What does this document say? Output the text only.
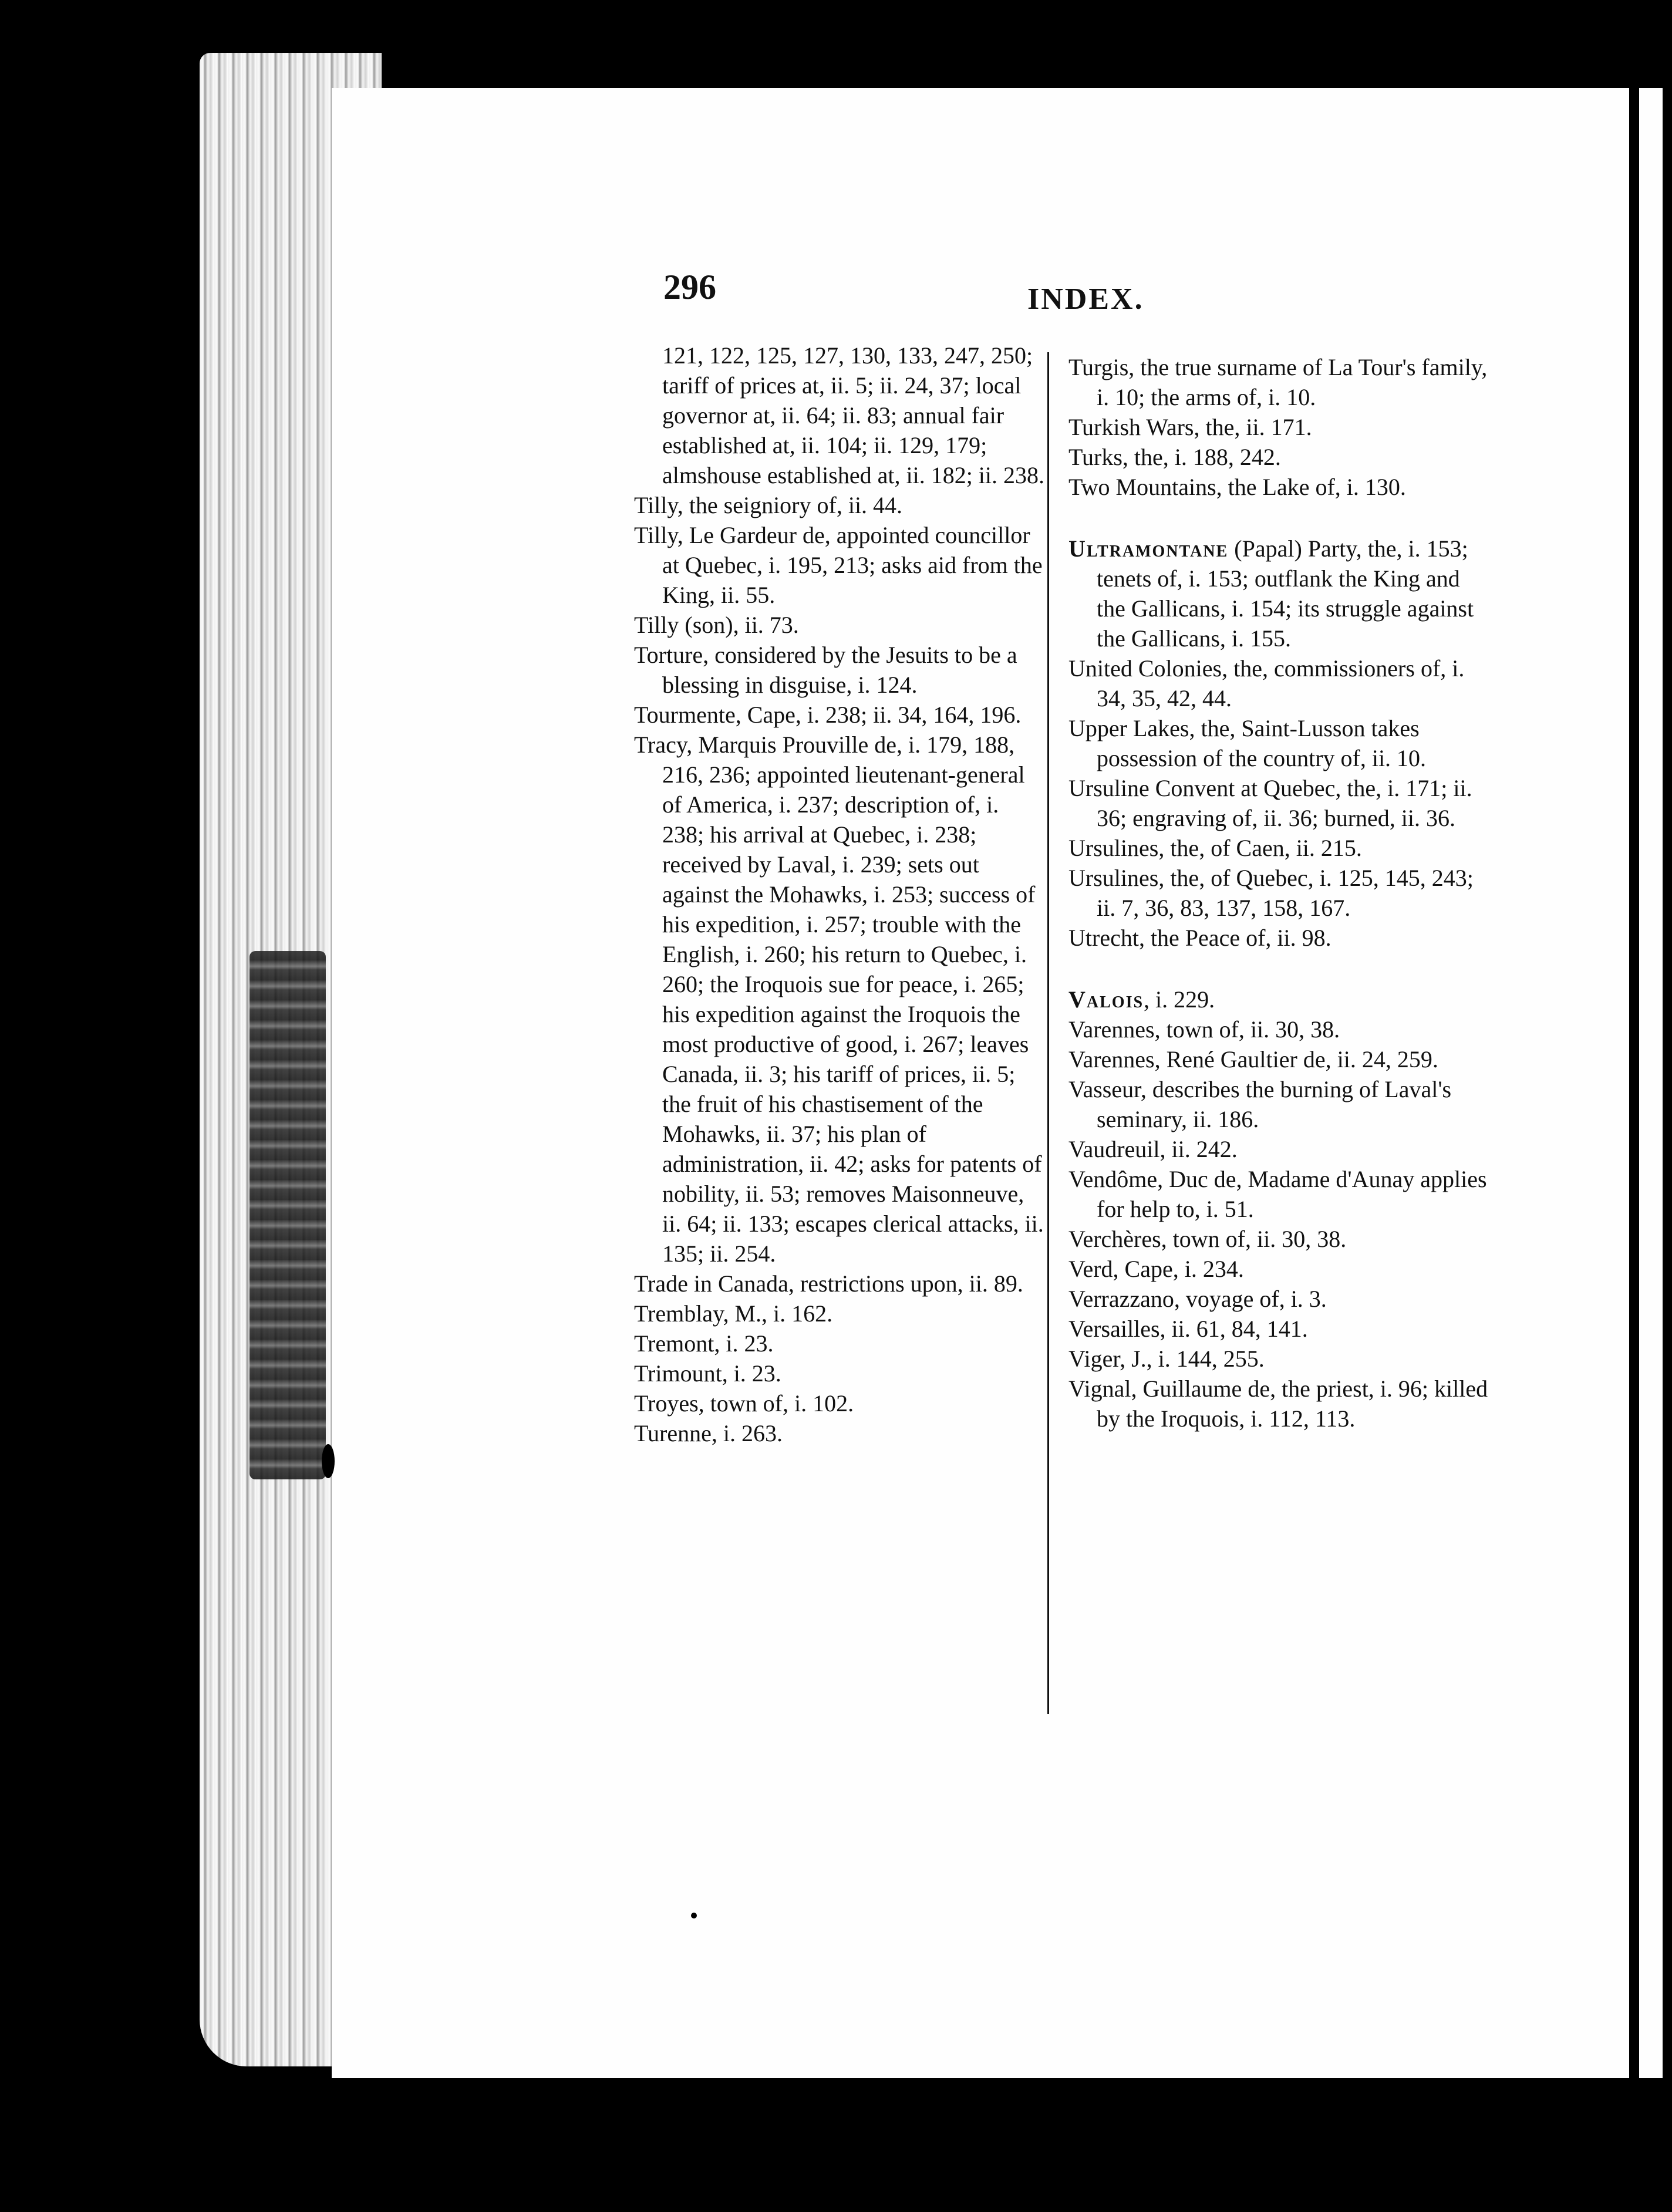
296	INDEX.
121, 122, 125, 127, 130, 133, 247, 250; tariff of prices at, ii. 5; ii. 24, 37; local governor at, ii. 64; ii. 83; annual fair established at, ii. 104; ii. 129, 179; almshouse established at, ii. 182; ii. 238.
Tilly, the seigniory of, ii. 44.
Tilly, Le Gardeur de, appointed councillor at Quebec, i. 195, 213; asks aid from the King, ii. 55.
Tilly (son), ii. 73.
Torture, considered by the Jesuits to be a blessing in disguise, i. 124.
Tourmente, Cape, i. 238; ii. 34, 164, 196.
Tracy, Marquis Prouville de, i. 179, 188, 216, 236; appointed lieutenant-general of America, i. 237; description of, i. 238; his arrival at Quebec, i. 238; received by Laval, i. 239; sets out against the Mohawks, i. 253; success of his expedition, i. 257; trouble with the English, i. 260; his return to Quebec, i. 260; the Iroquois sue for peace, i. 265; his expedition against the Iroquois the most productive of good, i. 267; leaves Canada, ii. 3; his tariff of prices, ii. 5; the fruit of his chastisement of the Mohawks, ii. 37; his plan of administration, ii. 42; asks for patents of nobility, ii. 53; removes Maisonneuve, ii. 64; ii. 133; escapes clerical attacks, ii. 135; ii. 254.
Trade in Canada, restrictions upon, ii. 89.
Tremblay, M., i. 162.
Tremont, i. 23.
Trimount, i. 23.
Troyes, town of, i. 102.
Turenne, i. 263.
Turgis, the true surname of La Tour's family, i. 10; the arms of, i. 10.
Turkish Wars, the, ii. 171.
Turks, the, i. 188, 242.
Two Mountains, the Lake of, i. 130.
Ultramontane (Papal) Party, the, i. 153; tenets of, i. 153; outflank the King and the Gallicans, i. 154; its struggle against the Gallicans, i. 155.
United Colonies, the, commissioners of, i. 34, 35, 42, 44.
Upper Lakes, the, Saint-Lusson takes possession of the country of, ii. 10.
Ursuline Convent at Quebec, the, i. 171; ii. 36; engraving of, ii. 36; burned, ii. 36.
Ursulines, the, of Caen, ii. 215.
Ursulines, the, of Quebec, i. 125, 145, 243; ii. 7, 36, 83, 137, 158, 167.
Utrecht, the Peace of, ii. 98.
Valois, i. 229.
Varennes, town of, ii. 30, 38.
Varennes, René Gaultier de, ii. 24, 259.
Vasseur, describes the burning of Laval's seminary, ii. 186.
Vaudreuil, ii. 242.
Vendôme, Duc de, Madame d'Aunay applies for help to, i. 51.
Verchères, town of, ii. 30, 38.
Verd, Cape, i. 234.
Verrazzano, voyage of, i. 3.
Versailles, ii. 61, 84, 141.
Viger, J., i. 144, 255.
Vignal, Guillaume de, the priest, i. 96; killed by the Iroquois, i. 112, 113.
